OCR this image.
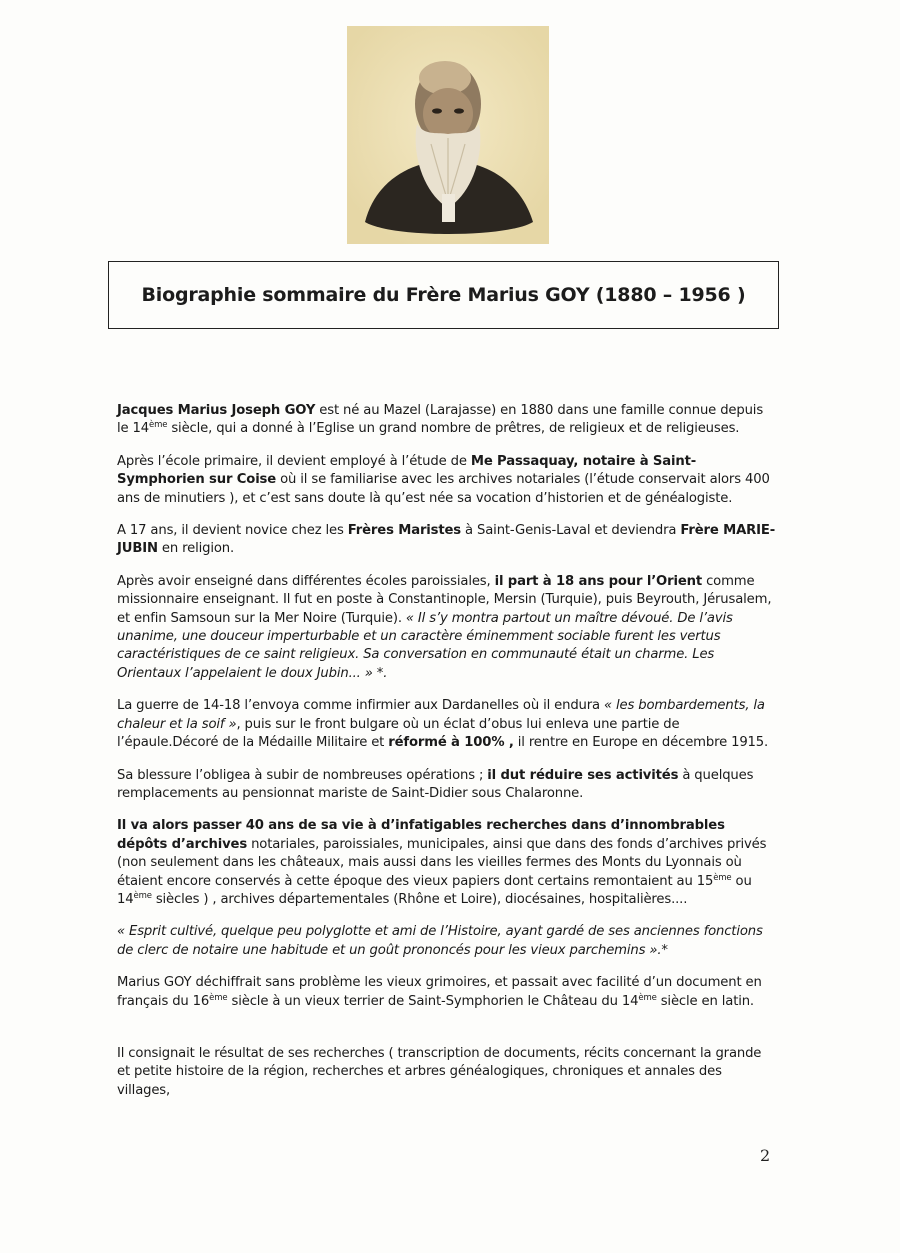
Biographie sommaire du Frère Marius GOY (1880 – 1956 )

Jacques Marius Joseph GOY est né au Mazel (Larajasse) en 1880 dans une famille connue depuis le 14ème siècle, qui a donné à l’Eglise un grand nombre de prêtres, de religieux et de religieuses.

Après l’école primaire, il devient employé à l’étude de Me Passaquay, notaire à Saint-Symphorien sur Coise où il se familiarise avec les archives notariales (l’étude conservait alors 400 ans de minutiers ), et c’est sans doute là qu’est née sa vocation d’historien et de généalogiste.

A 17 ans, il devient novice chez les Frères Maristes à Saint-Genis-Laval et deviendra Frère MARIE-JUBIN en religion.

Après avoir enseigné dans différentes écoles paroissiales, il part à 18 ans pour l’Orient comme missionnaire enseignant. Il fut en poste à Constantinople, Mersin (Turquie), puis Beyrouth, Jérusalem, et enfin Samsoun sur la Mer Noire (Turquie). « Il s’y montra partout un maître dévoué. De l’avis unanime, une douceur imperturbable et un caractère éminemment sociable furent les vertus caractéristiques de ce saint religieux. Sa conversation en communauté était un charme. Les Orientaux l’appelaient le doux Jubin... » *.

La guerre de 14-18 l’envoya comme infirmier aux Dardanelles où il endura « les bombardements, la chaleur et la soif », puis sur le front bulgare où un éclat d’obus lui enleva une partie de l’épaule.Décoré de la Médaille Militaire et réformé à 100% , il rentre en Europe en décembre 1915.

Sa blessure l’obligea à subir de nombreuses opérations ; il dut réduire ses activités à quelques remplacements au pensionnat mariste de Saint-Didier sous Chalaronne.

Il va alors passer 40 ans de sa vie à d’infatigables recherches dans d’innombrables dépôts d’archives notariales, paroissiales, municipales, ainsi que dans des fonds d’archives privés (non seulement dans les châteaux, mais aussi dans les vieilles fermes des Monts du Lyonnais où étaient encore conservés à cette époque des vieux papiers dont certains remontaient au 15ème ou 14ème siècles ) , archives départementales (Rhône et Loire), diocésaines, hospitalières....

« Esprit cultivé, quelque peu polyglotte et ami de l’Histoire, ayant gardé de ses anciennes fonctions de clerc de notaire une habitude et un goût prononcés pour les vieux parchemins ».*

Marius GOY déchiffrait sans problème les vieux grimoires, et passait avec facilité d’un document en français du 16ème siècle à un vieux terrier de Saint-Symphorien le Château du 14ème siècle en latin.

Il consignait le résultat de ses recherches ( transcription de documents, récits concernant la grande et petite histoire de la région, recherches et arbres généalogiques, chroniques et annales des villages,

2
